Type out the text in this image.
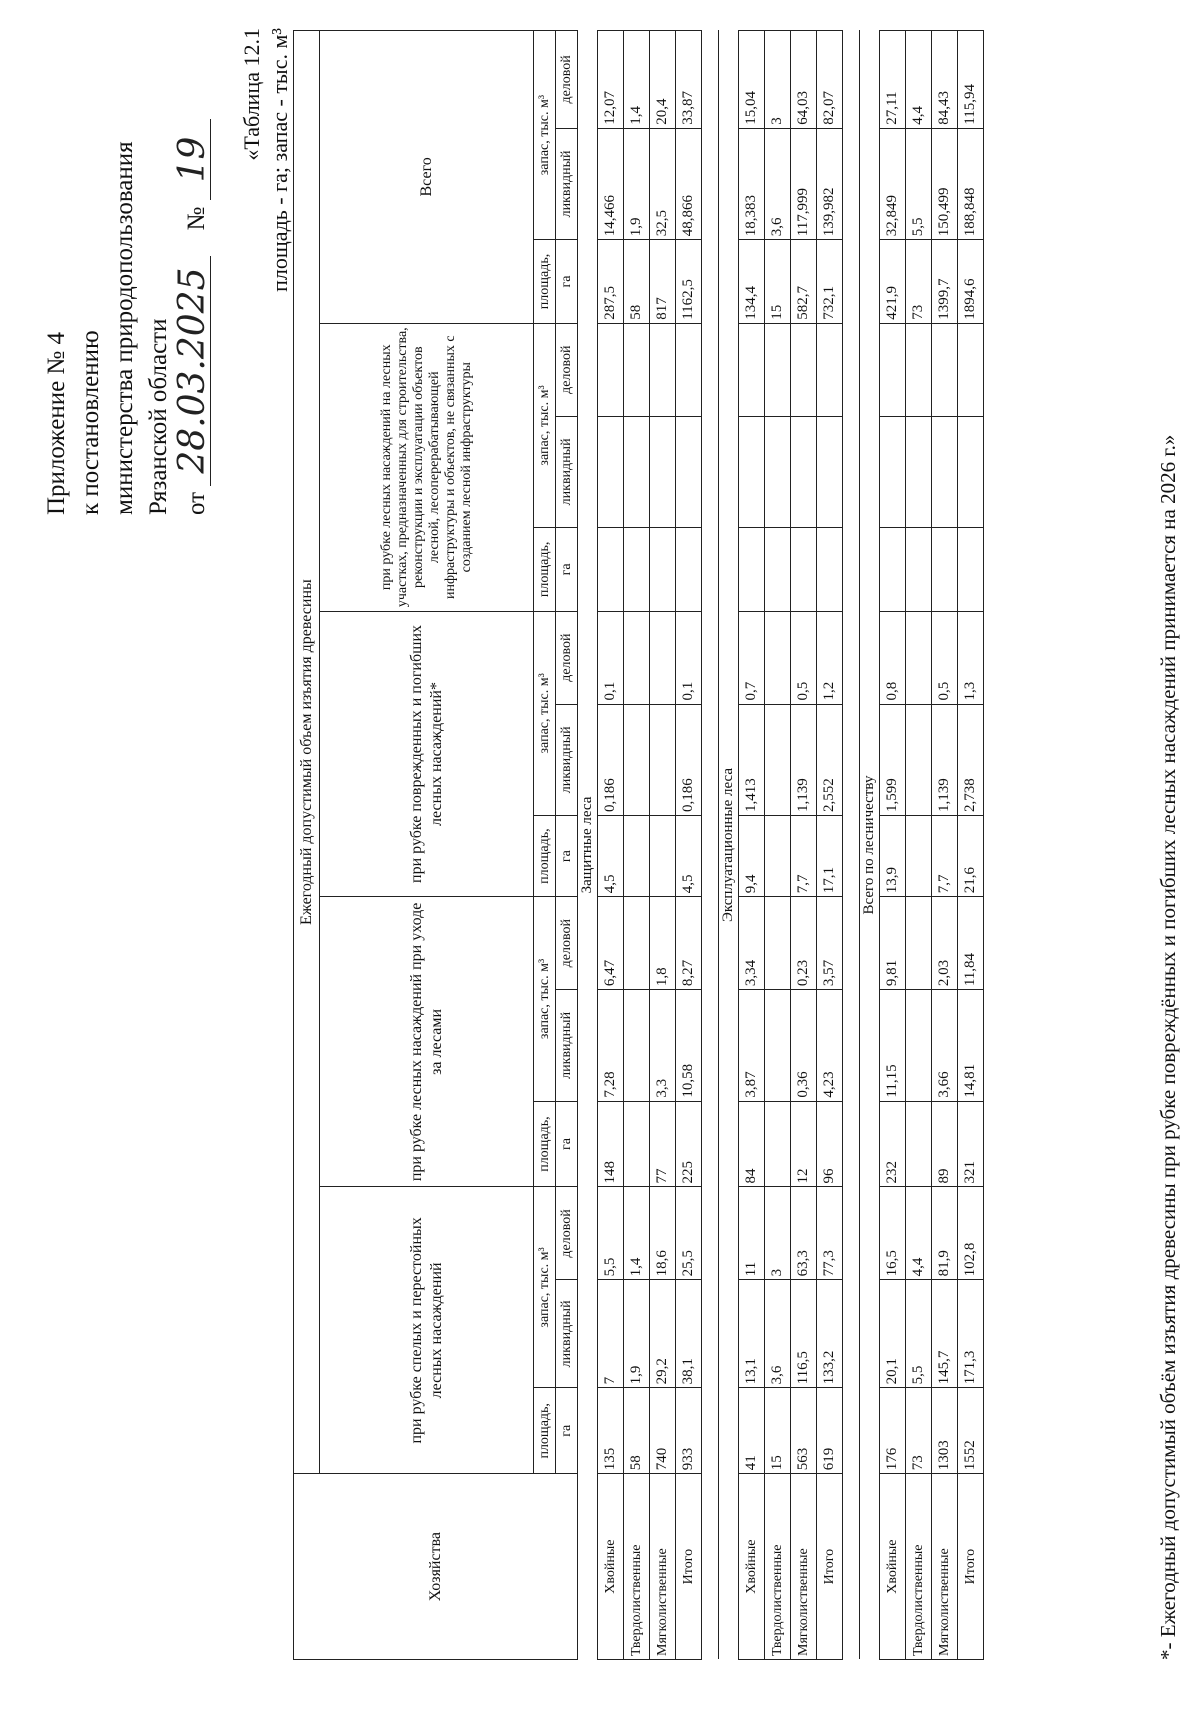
Приложение № 4 к постановлению министерства природопользования Рязанской области от 28.03.2025    № 19 «Таблица 12.1 площадь - га; запас - тыс. м³
Хозяйства	Ежегодный допустимый объем изъятия древесины														
	при рубке спелых и перестойных лесных насаждений			при рубке лесных насаждений при уходе за лесами			при рубке поврежденных и погибших лесных насаждений*			при рубке лесных насаждений на лесных участках, предназначенных для строительства, реконструкции и эксплуатации объектов лесной, лесоперерабатывающей инфраструктуры и объектов, не связанных с созданием лесной инфраструктуры			Всего		
	площадь,	запас, тыс. м³		площадь,	запас, тыс. м³		площадь,	запас, тыс. м³		площадь,	запас, тыс. м³		площадь,	запас, тыс. м³	
	га	ликвидный	деловой	га	ликвидный	деловой	га	ликвидный	деловой	га	ликвидный	деловой	га	ликвидный	деловой
Защитные леса															
Хвойные	135	7	5,5	148	7,28	6,47	4,5	0,186	0,1				287,5	14,466	12,07
Твердолиственные	58	1,9	1,4										58	1,9	1,4
Мягколиственные	740	29,2	18,6	77	3,3	1,8							817	32,5	20,4
Итого	933	38,1	25,5	225	10,58	8,27	4,5	0,186	0,1				1162,5	48,866	33,87

Эксплуатационные леса															
Хвойные	41	13,1	11	84	3,87	3,34	9,4	1,413	0,7				134,4	18,383	15,04
Твердолиственные	15	3,6	3										15	3,6	3
Мягколиственные	563	116,5	63,3	12	0,36	0,23	7,7	1,139	0,5				582,7	117,999	64,03
Итого	619	133,2	77,3	96	4,23	3,57	17,1	2,552	1,2				732,1	139,982	82,07

Всего по лесничеству															
Хвойные	176	20,1	16,5	232	11,15	9,81	13,9	1,599	0,8				421,9	32,849	27,11
Твердолиственные	73	5,5	4,4										73	5,5	4,4
Мягколиственные	1303	145,7	81,9	89	3,66	2,03	7,7	1,139	0,5				1399,7	150,499	84,43
Итого	1552	171,3	102,8	321	14,81	11,84	21,6	2,738	1,3				1894,6	188,848	115,94
*- Ежегодный допустимый объём изъятия древесины при рубке повреждённых и погибших лесных насаждений принимается на 2026 г.»
